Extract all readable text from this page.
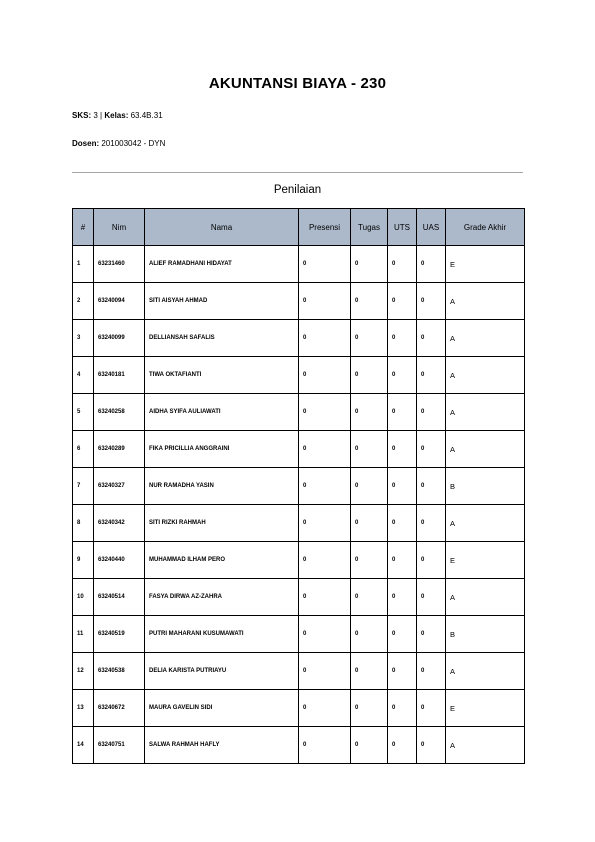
AKUNTANSI BIAYA - 230
SKS: 3 | Kelas: 63.4B.31
Dosen: 201003042 - DYN
Penilaian
#	Nim	Nama	Presensi	Tugas	UTS	UAS	Grade Akhir
1	63231460	ALIEF RAMADHANI HIDAYAT	0	0	0	0	E
2	63240094	SITI AISYAH AHMAD	0	0	0	0	A
3	63240099	DELLIANSAH SAFALIS	0	0	0	0	A
4	63240181	TIWA OKTAFIANTI	0	0	0	0	A
5	63240258	AIDHA SYIFA AULIAWATI	0	0	0	0	A
6	63240289	FIKA PRICILLIA ANGGRAINI	0	0	0	0	A
7	63240327	NUR RAMADHA YASIN	0	0	0	0	B
8	63240342	SITI RIZKI RAHMAH	0	0	0	0	A
9	63240440	MUHAMMAD ILHAM PERO	0	0	0	0	E
10	63240514	FASYA DIRWA AZ-ZAHRA	0	0	0	0	A
11	63240519	PUTRI MAHARANI KUSUMAWATI	0	0	0	0	B
12	63240538	DELIA KARISTA PUTRIAYU	0	0	0	0	A
13	63240672	MAURA GAVELIN SIDI	0	0	0	0	E
14	63240751	SALWA RAHMAH HAFLY	0	0	0	0	A
